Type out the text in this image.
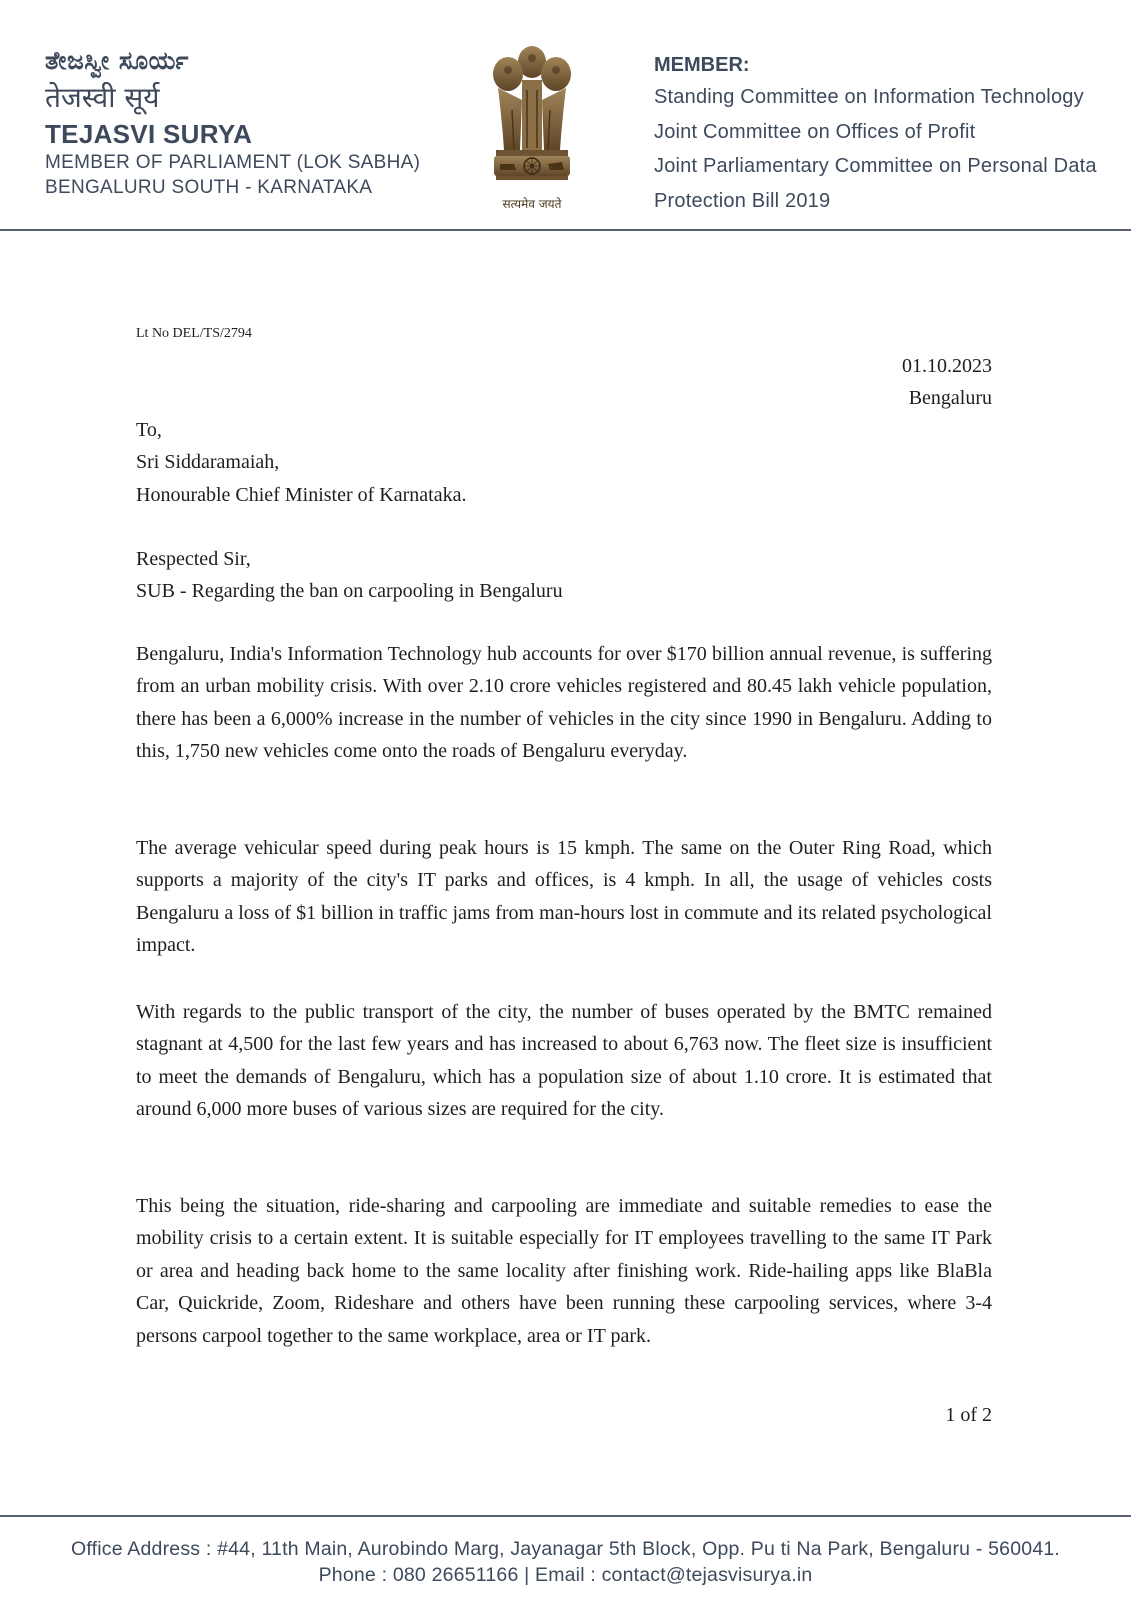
ತೇಜಸ್ವೀ ಸೂರ್ಯ
तेजस्वी सूर्य
TEJASVI SURYA
MEMBER OF PARLIAMENT (LOK SABHA)
BENGALURU SOUTH - KARNATAKA
सत्यमेव जयते
MEMBER:
Standing Committee on Information Technology
Joint Committee on Offices of Profit
Joint Parliamentary Committee on Personal Data
Protection Bill 2019
Lt No DEL/TS/2794
01.10.2023
Bengaluru
To,
Sri Siddaramaiah,
Honourable Chief Minister of Karnataka.
Respected Sir,
SUB - Regarding the ban on carpooling in Bengaluru

Bengaluru, India's Information Technology hub accounts for over $170 billion annual revenue, is suffering from an urban mobility crisis. With over 2.10 crore vehicles registered and 80.45 lakh vehicle population, there has been a 6,000% increase in the number of vehicles in the city since 1990 in Bengaluru. Adding to this, 1,750 new vehicles come onto the roads of Bengaluru everyday.

The average vehicular speed during peak hours is 15 kmph. The same on the Outer Ring Road, which supports a majority of the city's IT parks and offices, is 4 kmph. In all, the usage of vehicles costs Bengaluru a loss of $1 billion in traffic jams from man-hours lost in commute and its related psychological impact.

With regards to the public transport of the city, the number of buses operated by the BMTC remained stagnant at 4,500 for the last few years and has increased to about 6,763 now. The fleet size is insufficient to meet the demands of Bengaluru, which has a population size of about 1.10 crore. It is estimated that around 6,000 more buses of various sizes are required for the city.

This being the situation, ride-sharing and carpooling are immediate and suitable remedies to ease the mobility crisis to a certain extent. It is suitable especially for IT employees travelling to the same IT Park or area and heading back home to the same locality after finishing work. Ride-hailing apps like BlaBla Car, Quickride, Zoom, Rideshare and others have been running these carpooling services, where 3-4 persons carpool together to the same workplace, area or IT park.

1 of 2
Office Address : #44, 11th Main, Aurobindo Marg, Jayanagar 5th Block, Opp. Pu ti Na Park, Bengaluru - 560041.
Phone : 080 26651166 | Email : contact@tejasvisurya.in
